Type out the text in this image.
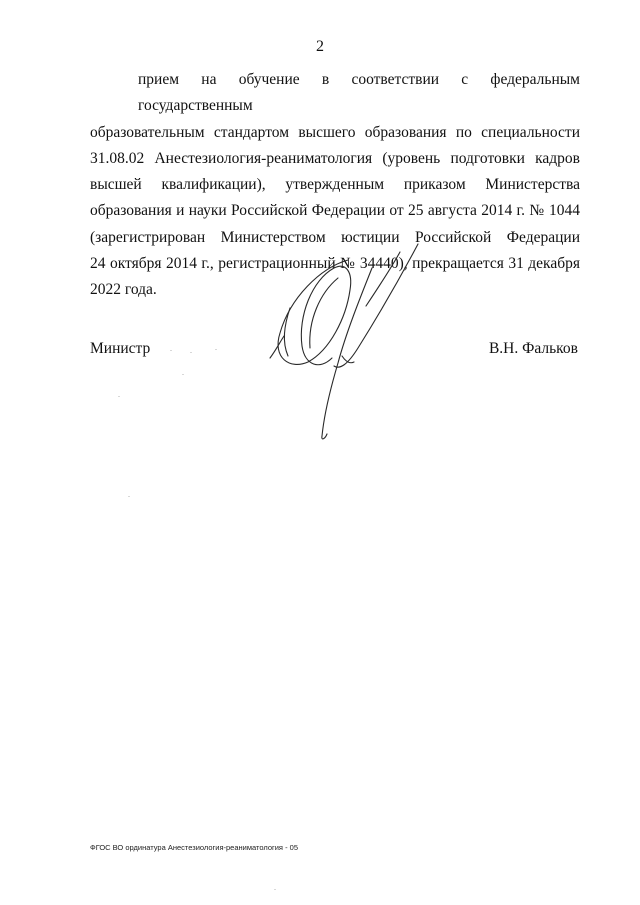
2
прием на обучение в соответствии с федеральным государственным
образовательным стандартом высшего образования по специальности
31.08.02 Анестезиология-реаниматология (уровень подготовки кадров
высшей квалификации), утвержденным приказом Министерства
образования и науки Российской Федерации от 25 августа 2014 г. № 1044
(зарегистрирован Министерством юстиции Российской Федерации
24 октября 2014 г., регистрационный № 34440), прекращается 31 декабря
2022 года.
Министр	В.Н. Фальков
ФГОС ВО ординатура Анестезиология-реаниматология - 05
